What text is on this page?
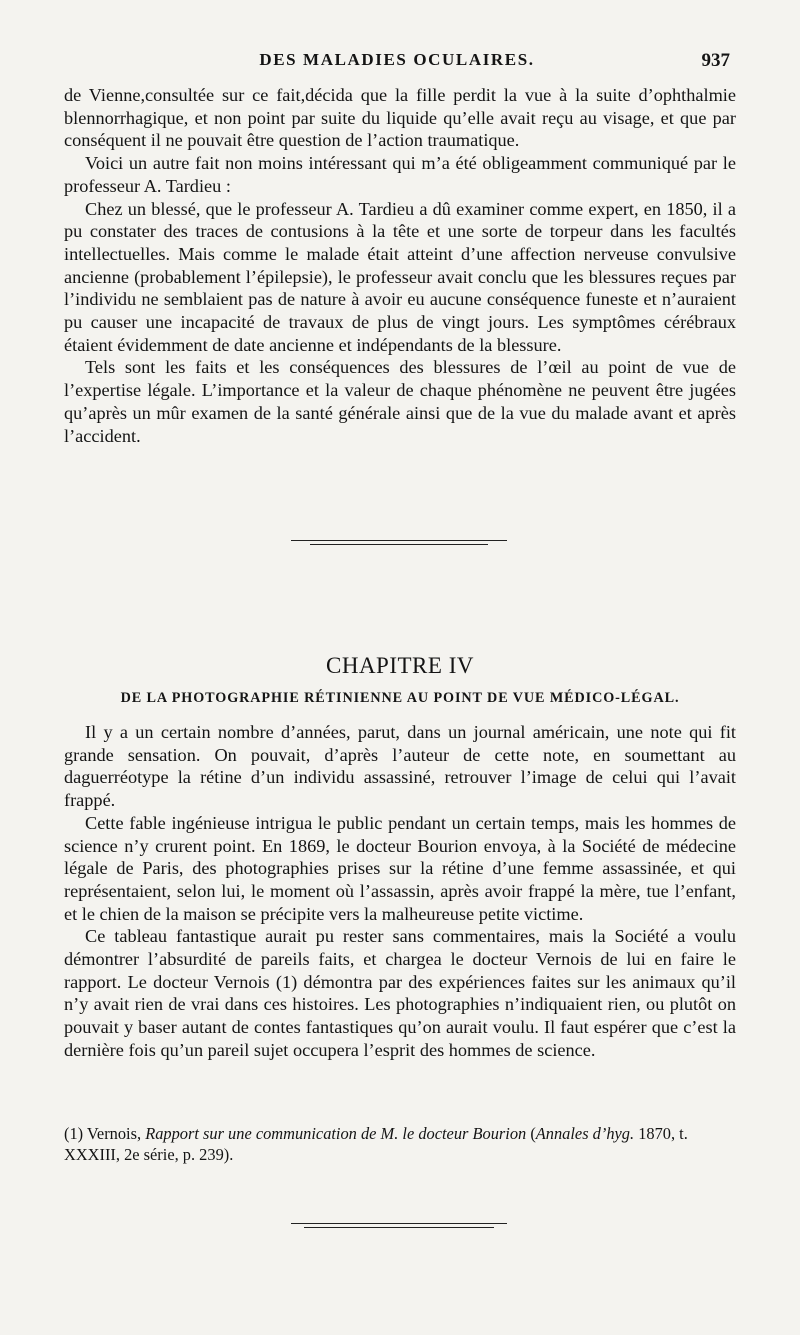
DES MALADIES OCULAIRES.	937

de Vienne,consultée sur ce fait,décida que la fille perdit la vue à la suite d’ophthalmie blennorrhagique, et non point par suite du liquide qu’elle avait reçu au visage, et que par conséquent il ne pouvait être question de l’action traumatique.

Voici un autre fait non moins intéressant qui m’a été obligeamment communiqué par le professeur A. Tardieu :

Chez un blessé, que le professeur A. Tardieu a dû examiner comme expert, en 1850, il a pu constater des traces de contusions à la tête et une sorte de torpeur dans les facultés intellectuelles. Mais comme le malade était atteint d’une affection nerveuse convulsive ancienne (probablement l’épilepsie), le professeur avait conclu que les blessures reçues par l’individu ne semblaient pas de nature à avoir eu aucune conséquence funeste et n’auraient pu causer une incapacité de travaux de plus de vingt jours. Les symptômes cérébraux étaient évidemment de date ancienne et indépendants de la blessure.

Tels sont les faits et les conséquences des blessures de l’œil au point de vue de l’expertise légale. L’importance et la valeur de chaque phénomène ne peuvent être jugées qu’après un mûr examen de la santé générale ainsi que de la vue du malade avant et après l’accident.

CHAPITRE IV
DE LA PHOTOGRAPHIE RÉTINIENNE AU POINT DE VUE MÉDICO-LÉGAL.

Il y a un certain nombre d’années, parut, dans un journal américain, une note qui fit grande sensation. On pouvait, d’après l’auteur de cette note, en soumettant au daguerréotype la rétine d’un individu assassiné, retrouver l’image de celui qui l’avait frappé.

Cette fable ingénieuse intrigua le public pendant un certain temps, mais les hommes de science n’y crurent point. En 1869, le docteur Bourion envoya, à la Société de médecine légale de Paris, des photographies prises sur la rétine d’une femme assassinée, et qui représentaient, selon lui, le moment où l’assassin, après avoir frappé la mère, tue l’enfant, et le chien de la maison se précipite vers la malheureuse petite victime.

Ce tableau fantastique aurait pu rester sans commentaires, mais la Société a voulu démontrer l’absurdité de pareils faits, et chargea le docteur Vernois de lui en faire le rapport. Le docteur Vernois (1) démontra par des expériences faites sur les animaux qu’il n’y avait rien de vrai dans ces histoires. Les photographies n’indiquaient rien, ou plutôt on pouvait y baser autant de contes fantastiques qu’on aurait voulu. Il faut espérer que c’est la dernière fois qu’un pareil sujet occupera l’esprit des hommes de science.

(1) Vernois, Rapport sur une communication de M. le docteur Bourion (Annales d’hyg. 1870, t. XXXIII, 2e série, p. 239).
